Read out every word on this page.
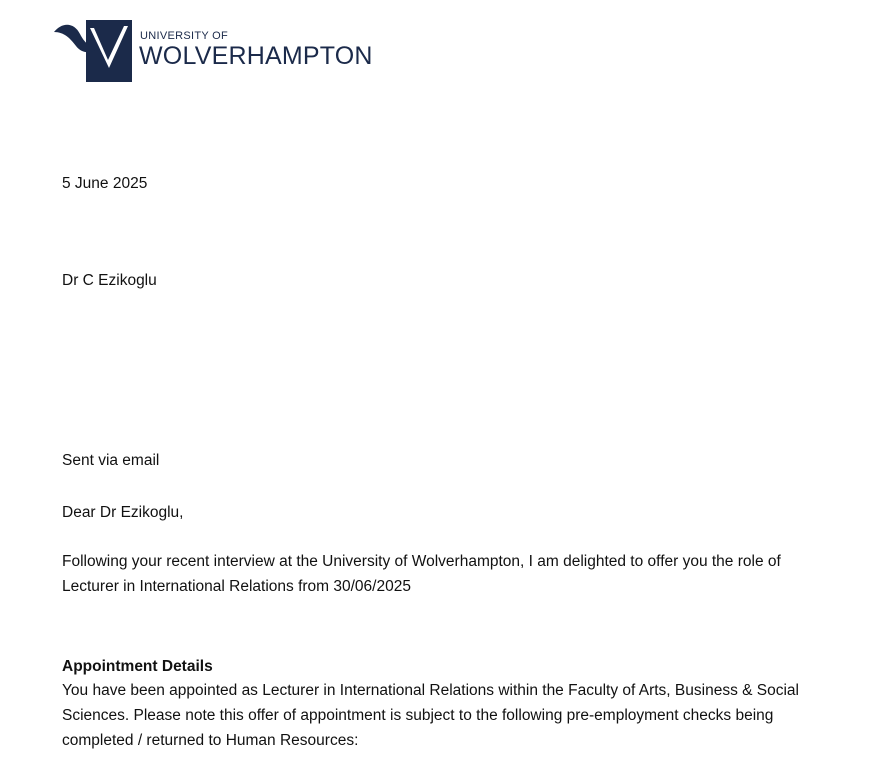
UNIVERSITY OF
WOLVERHAMPTON
5 June 2025
Dr C Ezikoglu
Sent via email
Dear Dr Ezikoglu,
Following your recent interview at the University of Wolverhampton, I am delighted to offer you the role of
Lecturer in International Relations from 30/06/2025
Appointment Details
You have been appointed as Lecturer in International Relations within the Faculty of Arts, Business & Social
Sciences. Please note this offer of appointment is subject to the following pre-employment checks being
completed / returned to Human Resources:
